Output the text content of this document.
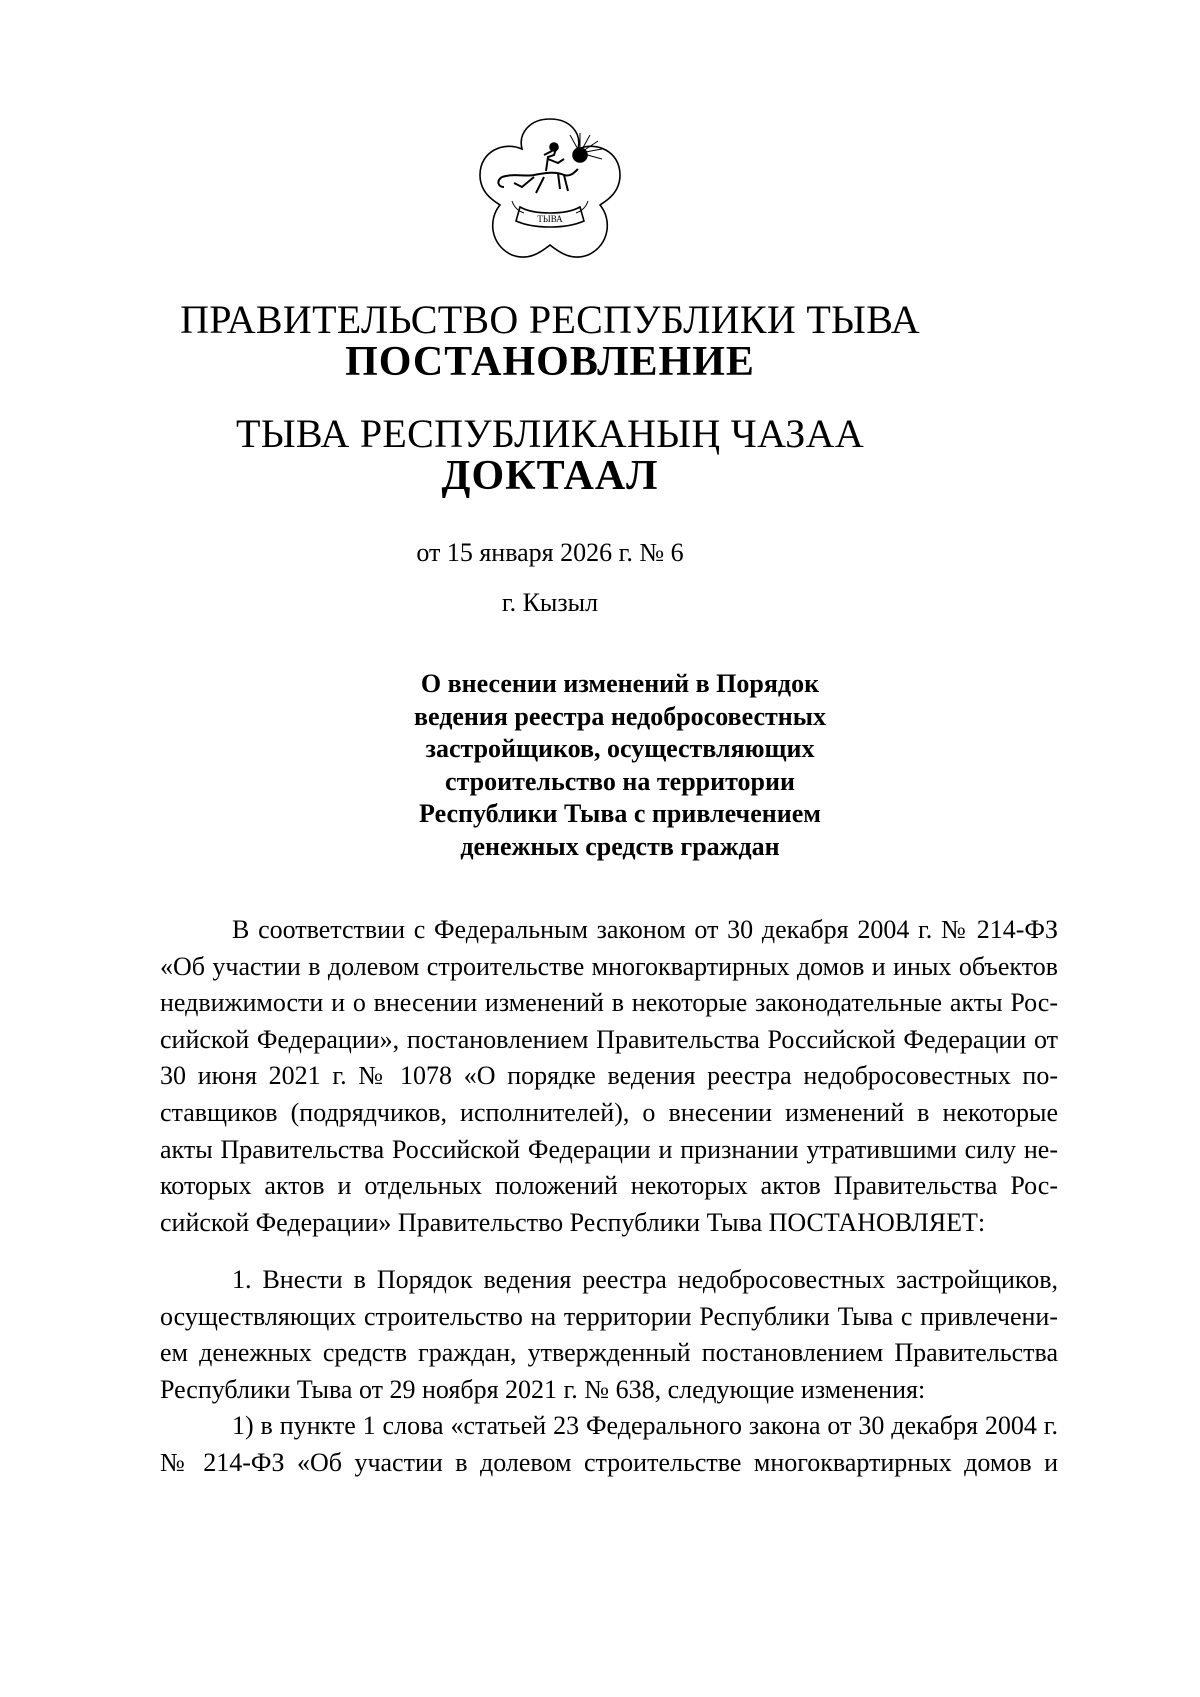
ТЫВА
ПРАВИТЕЛЬСТВО РЕСПУБЛИКИ ТЫВА
ПОСТАНОВЛЕНИЕ
ТЫВА РЕСПУБЛИКАНЫҢ ЧАЗАА
ДОКТААЛ
от 15 января 2026 г. № 6
г. Кызыл
О внесении изменений в Порядок
ведения реестра недобросовестных
застройщиков, осуществляющих
строительство на территории
Республики Тыва с привлечением
денежных средств граждан
В соответствии с Федеральным законом от 30 декабря 2004 г. № 214-ФЗ
«Об участии в долевом строительстве многоквартирных домов и иных объектов
недвижимости и о внесении изменений в некоторые законодательные акты Рос-
сийской Федерации», постановлением Правительства Российской Федерации от
30 июня 2021 г. № 1078 «О порядке ведения реестра недобросовестных по-
ставщиков (подрядчиков, исполнителей), о внесении изменений в некоторые
акты Правительства Российской Федерации и признании утратившими силу не-
которых актов и отдельных положений некоторых актов Правительства Рос-
сийской Федерации» Правительство Республики Тыва ПОСТАНОВЛЯЕТ:
1. Внести в Порядок ведения реестра недобросовестных застройщиков,
осуществляющих строительство на территории Республики Тыва с привлечени-
ем денежных средств граждан, утвержденный постановлением Правительства
Республики Тыва от 29 ноября 2021 г. № 638, следующие изменения:
1) в пункте 1 слова «статьей 23 Федерального закона от 30 декабря 2004 г.
№ 214-ФЗ «Об участии в долевом строительстве многоквартирных домов и
